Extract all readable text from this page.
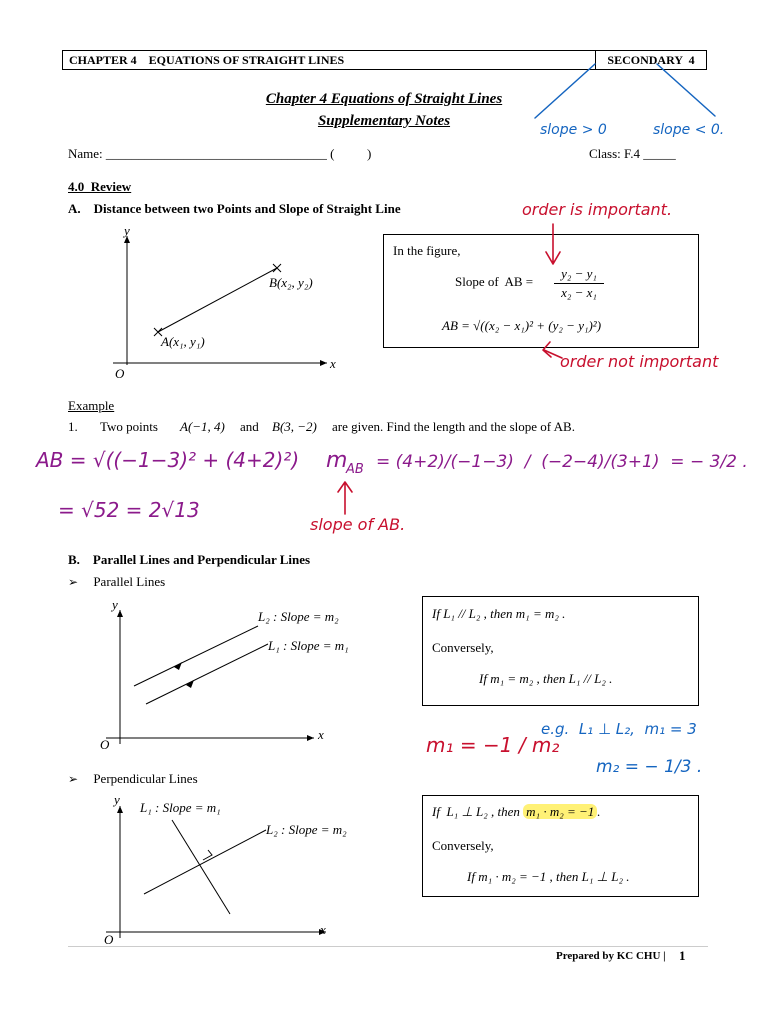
CHAPTER 4    EQUATIONS OF STRAIGHT LINES	SECONDARY  4
Chapter 4 Equations of Straight Lines
Supplementary Notes
Name: __________________________________ (          )	Class: F.4 _____
4.0  Review
A.    Distance between two Points and Slope of Straight Line
y
x
O
A(x₁, y₁)
B(x₂, y₂)
In the figure,
Slope of  AB =
y₂ − y₁
x₂ − x₁
AB = √((x₂ − x₁)² + (y₂ − y₁)²)
order is important.
order not important
slope > 0	slope < 0.
Example
1. Two points A(−1, 4) and B(3, −2) are given. Find the length and the slope of AB.
AB = √((−1−3)² + (4+2)²)
= √52 = 2√13
m
AB = (4+2)/(−1−3)  /  (−2−4)/(3+1)  = − 3/2 .
slope of AB.
B.    Parallel Lines and Perpendicular Lines
➢ Parallel Lines
y
x
O
L₂ : Slope = m₂
L₁ : Slope = m₁
If L₁ // L₂ , then m₁ = m₂ .
Conversely,
If m₁ = m₂ , then L₁ // L₂ .
m₁ = −1 / m₂
e.g.  L₁ ⊥ L₂,  m₁ = 3
m₂ = − 1/3 .
➢ Perpendicular Lines
y
x
O
L₁ : Slope = m₁
L₂ : Slope = m₂
If  L₁ ⊥ L₂ , then m₁ · m₂ = −1 .
Conversely,
If m₁ · m₂ = −1 , then L₁ ⊥ L₂ .
Prepared by KC CHU | 1
